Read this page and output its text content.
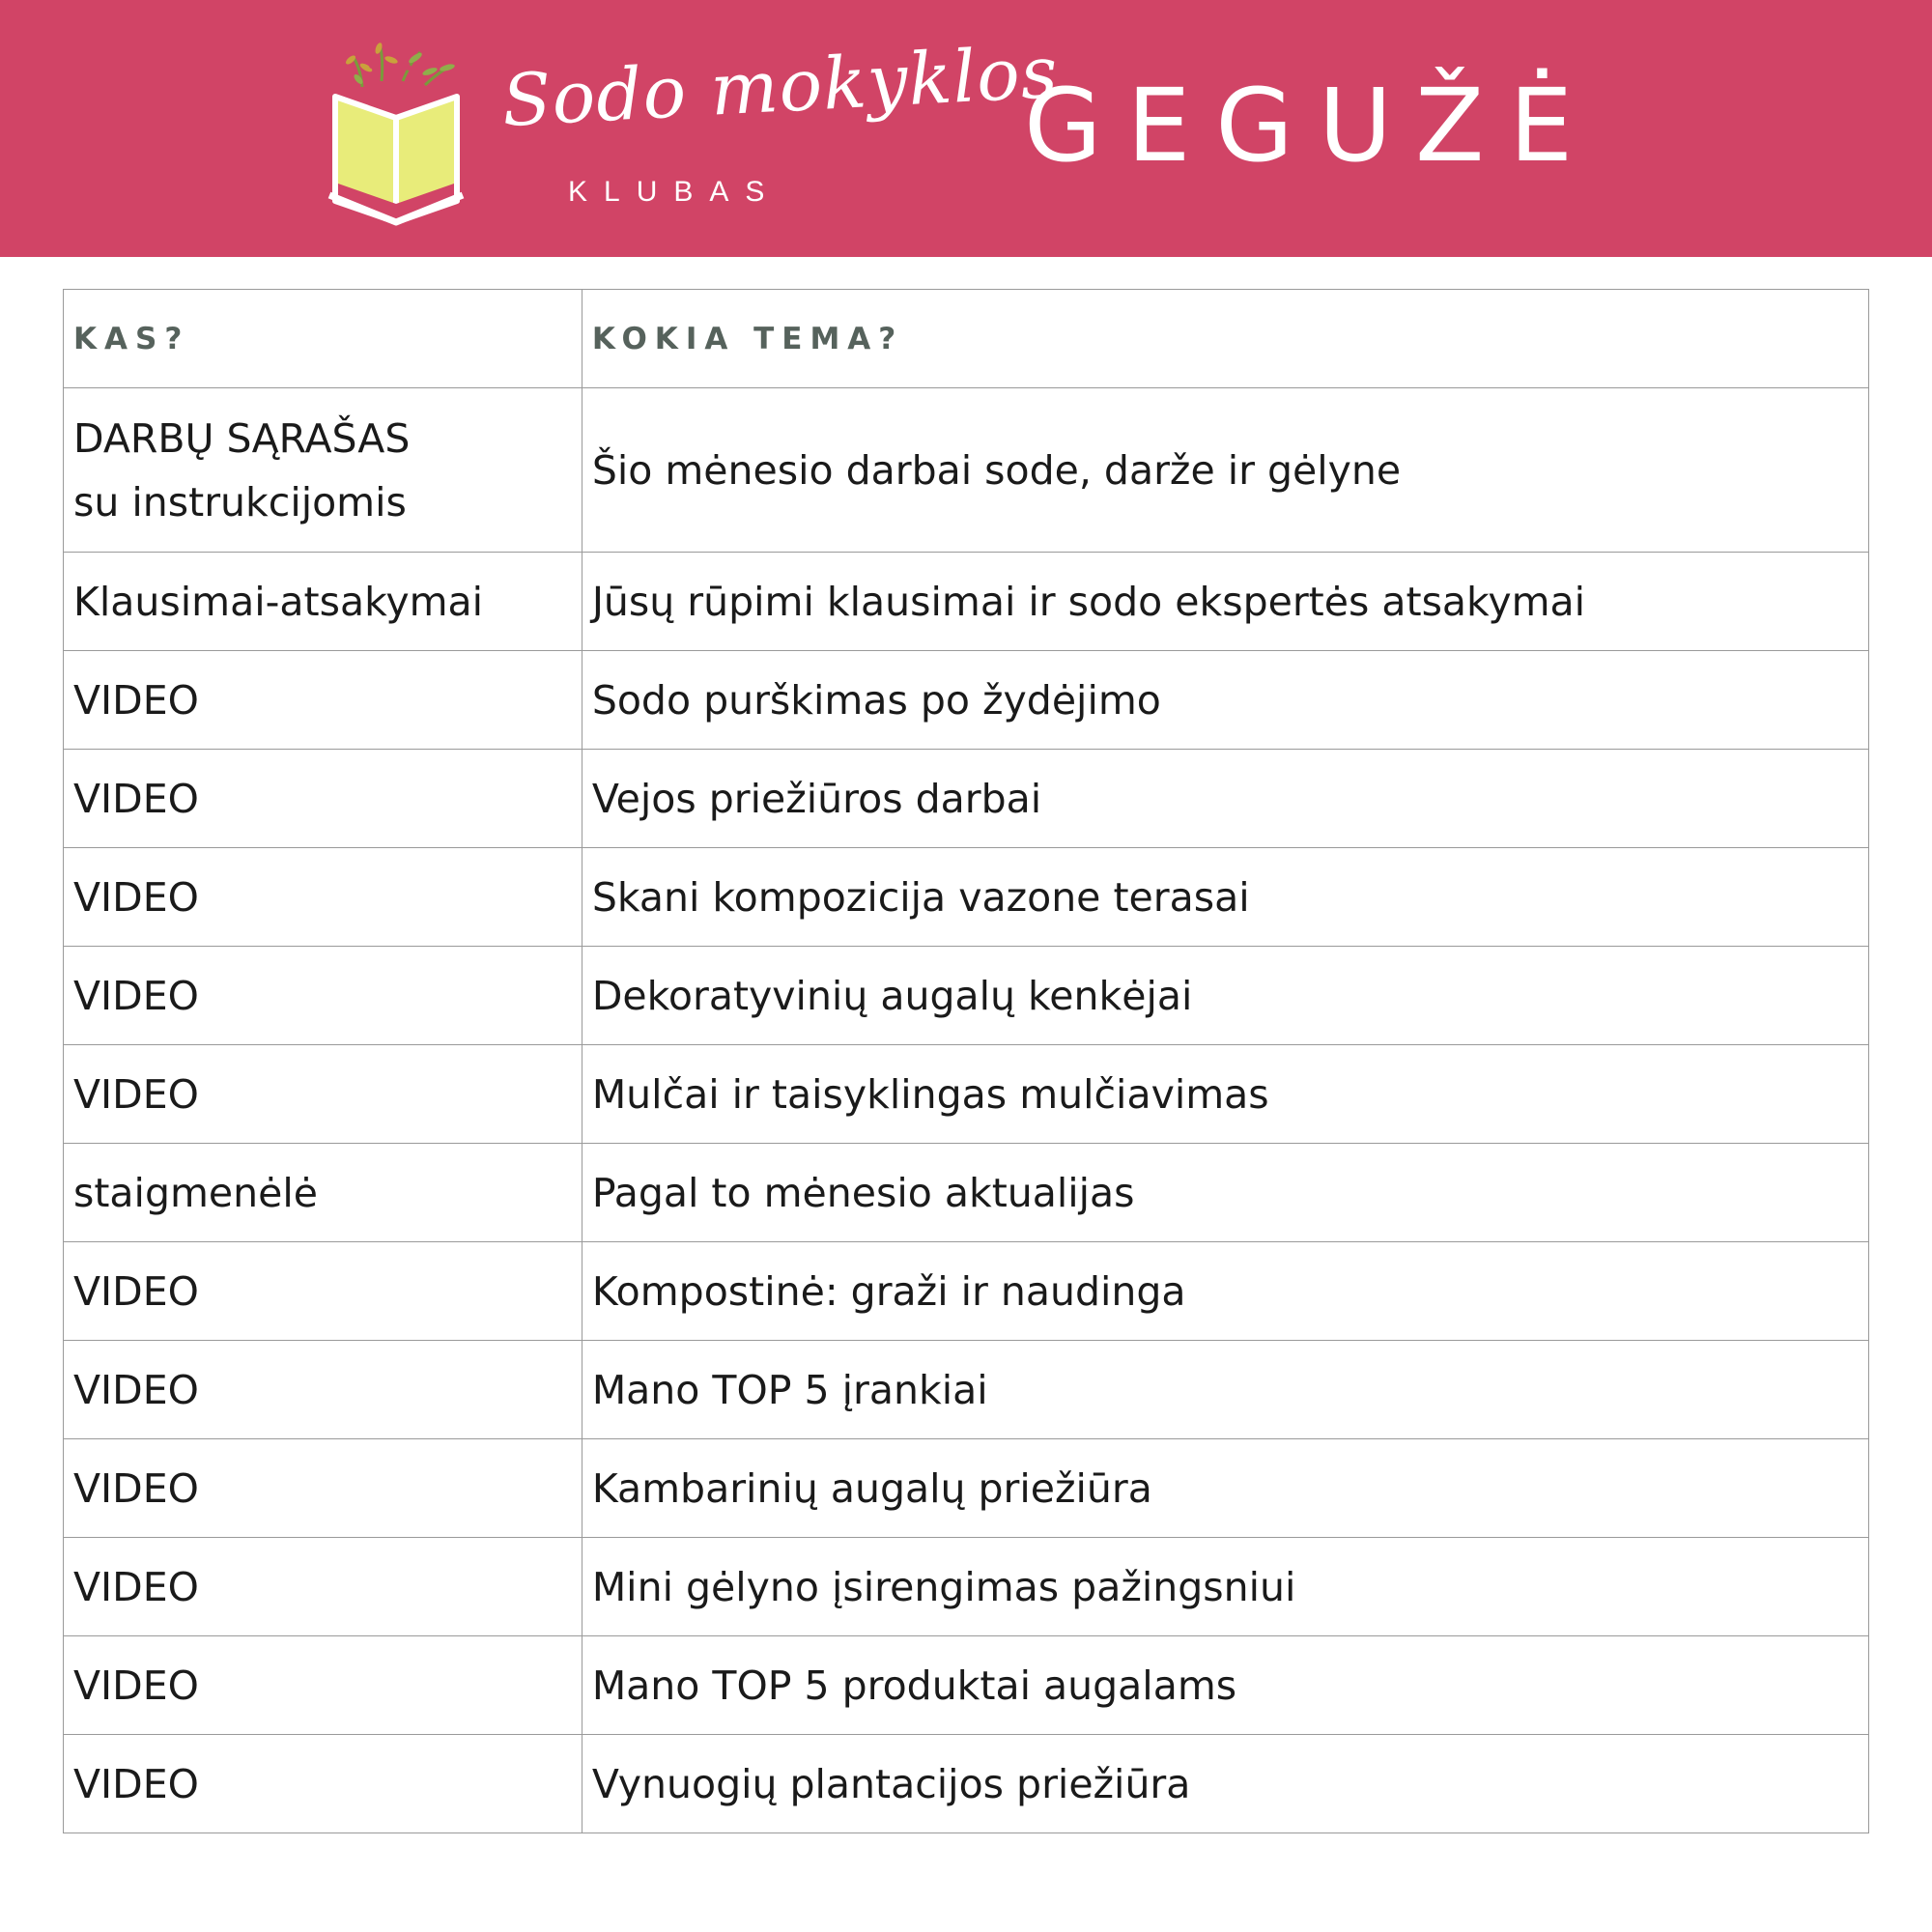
Sodo mokyklos
KLUBAS
GEGUŽĖ
KAS?	KOKIA TEMA?

DARBŲ SĄRAŠAS
su instrukcijomis	Šio mėnesio darbai sode, darže ir gėlyne
Klausimai-atsakymai	Jūsų rūpimi klausimai ir sodo ekspertės atsakymai
VIDEO	Sodo purškimas po žydėjimo
VIDEO	Vejos priežiūros darbai
VIDEO	Skani kompozicija vazone terasai
VIDEO	Dekoratyvinių augalų kenkėjai
VIDEO	Mulčai ir taisyklingas mulčiavimas
staigmenėlė	Pagal to mėnesio aktualijas
VIDEO	Kompostinė: graži ir naudinga
VIDEO	Mano TOP 5 įrankiai
VIDEO	Kambarinių augalų priežiūra
VIDEO	Mini gėlyno įsirengimas pažingsniui
VIDEO	Mano TOP 5 produktai augalams
VIDEO	Vynuogių plantacijos priežiūra
